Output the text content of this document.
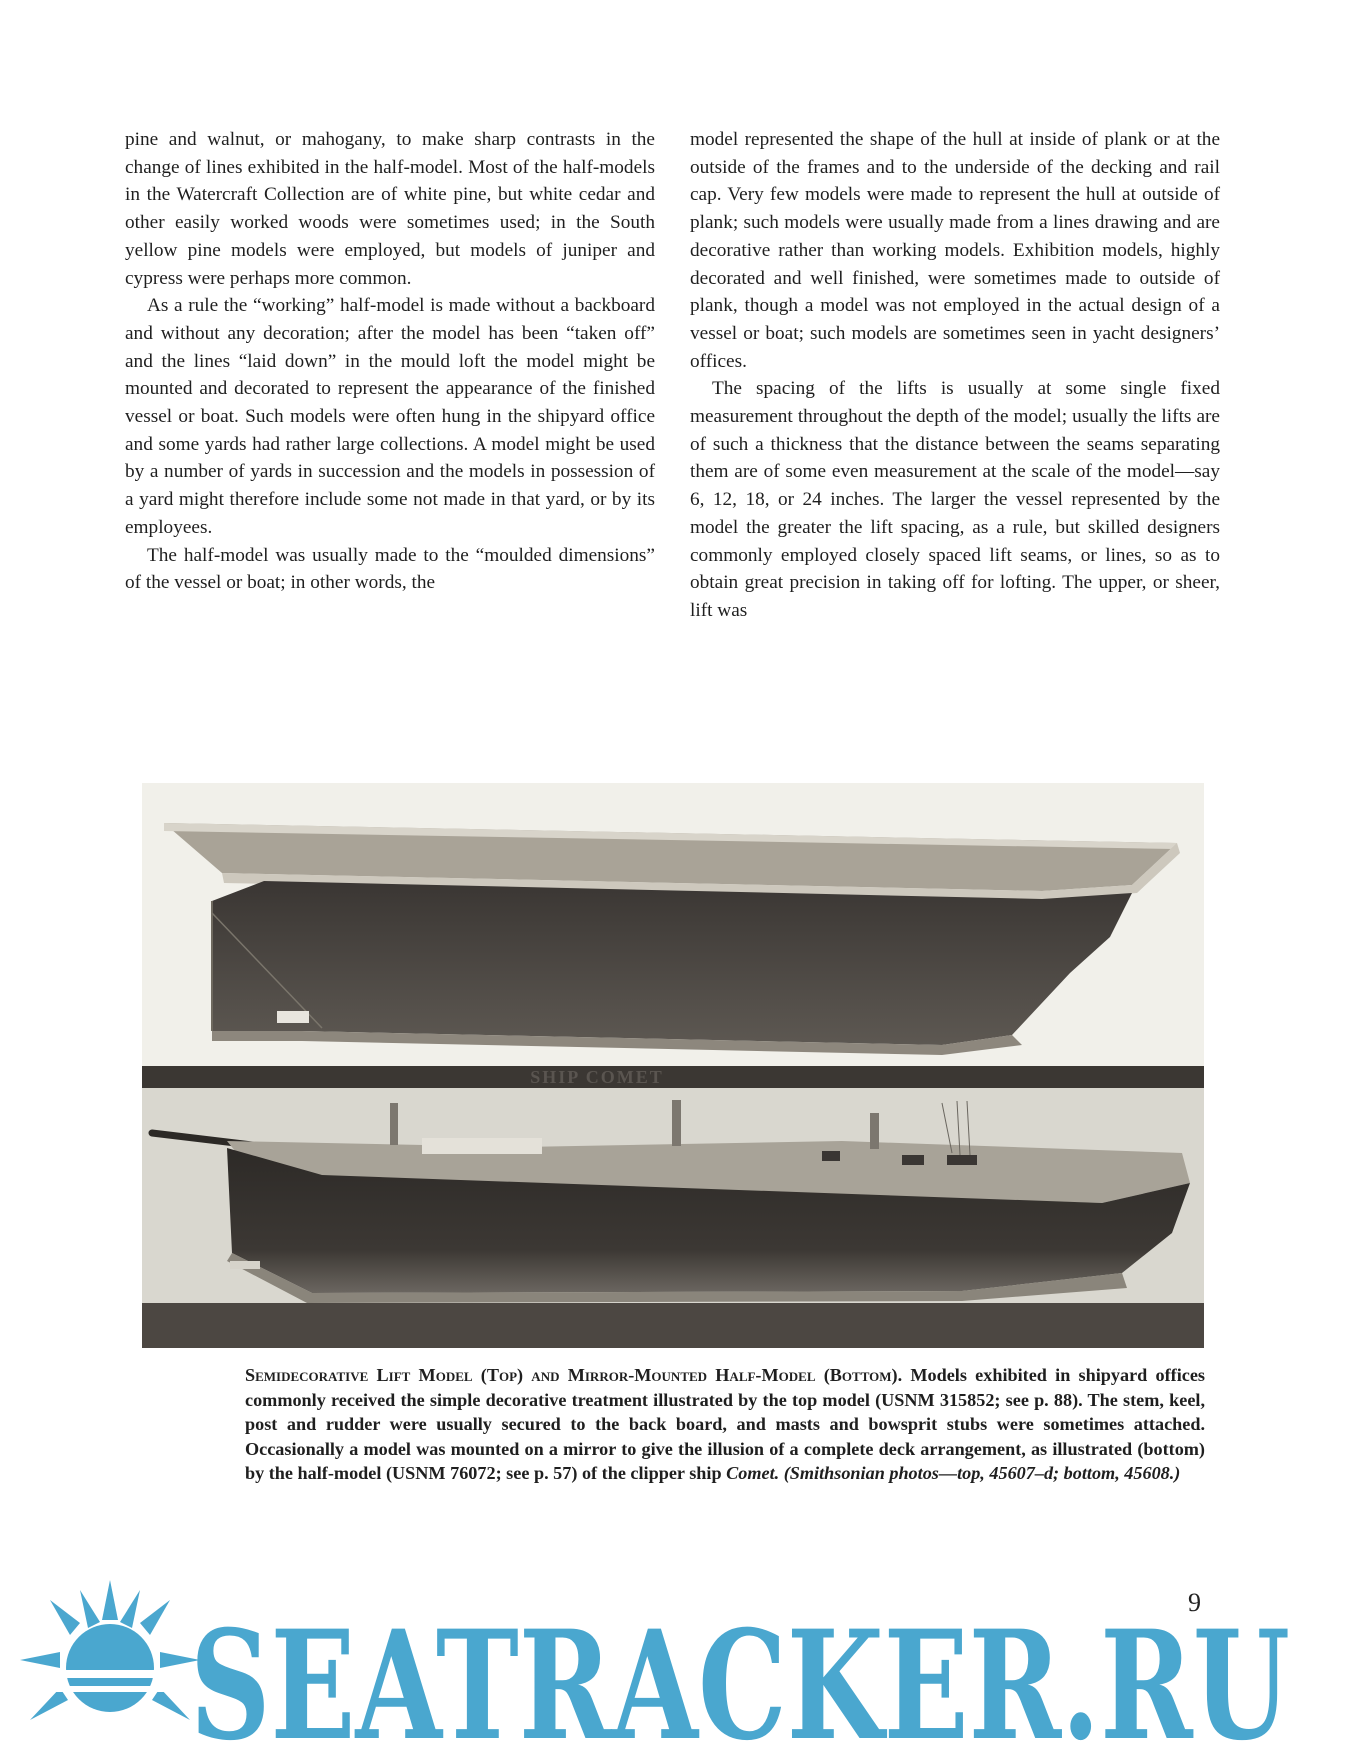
pine and walnut, or mahogany, to make sharp contrasts in the change of lines exhibited in the half-model. Most of the half-models in the Watercraft Collection are of white pine, but white cedar and other easily worked woods were sometimes used; in the South yellow pine models were employed, but models of juniper and cypress were perhaps more common.

As a rule the “working” half-model is made without a backboard and without any decoration; after the model has been “taken off” and the lines “laid down” in the mould loft the model might be mounted and decorated to represent the appearance of the finished vessel or boat. Such models were often hung in the shipyard office and some yards had rather large collections. A model might be used by a number of yards in succession and the models in possession of a yard might therefore include some not made in that yard, or by its employees.

The half-model was usually made to the “moulded dimensions” of the vessel or boat; in other words, the

model represented the shape of the hull at inside of plank or at the outside of the frames and to the underside of the decking and rail cap. Very few models were made to represent the hull at outside of plank; such models were usually made from a lines drawing and are decorative rather than working models. Exhibition models, highly decorated and well finished, were sometimes made to outside of plank, though a model was not employed in the actual design of a vessel or boat; such models are sometimes seen in yacht designers’ offices.

The spacing of the lifts is usually at some single fixed measurement throughout the depth of the model; usually the lifts are of such a thickness that the distance between the seams separating them are of some even measurement at the scale of the model—say 6, 12, 18, or 24 inches. The larger the vessel represented by the model the greater the lift spacing, as a rule, but skilled designers commonly employed closely spaced lift seams, or lines, so as to obtain great precision in taking off for lofting. The upper, or sheer, lift was

SHIP COMET
Semidecorative Lift Model (Top) and Mirror-Mounted Half-Model (Bottom). Models exhibited in shipyard offices commonly received the simple decorative treatment illustrated by the top model (USNM 315852; see p. 88). The stem, keel, post and rudder were usually secured to the back board, and masts and bowsprit stubs were sometimes attached. Occasionally a model was mounted on a mirror to give the illusion of a complete deck arrangement, as illustrated (bottom) by the half-model (USNM 76072; see p. 57) of the clipper ship Comet. (Smithsonian photos—top, 45607–d; bottom, 45608.)
9
SEATRACKER.RU
